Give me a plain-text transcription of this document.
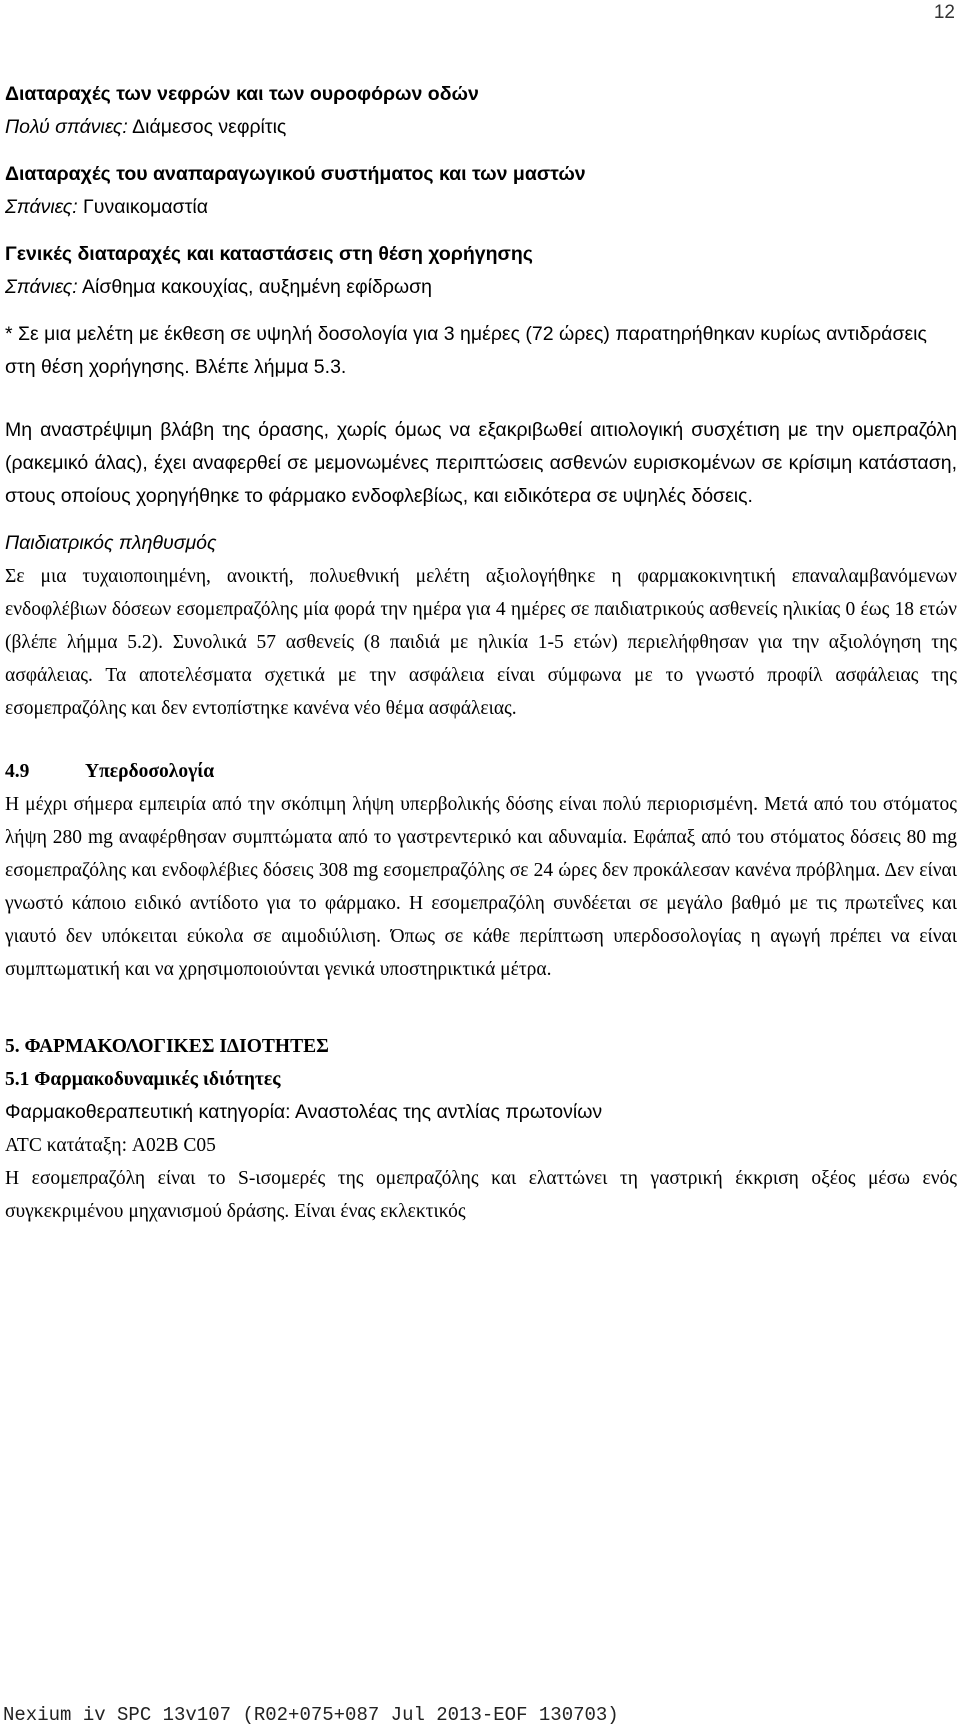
12

Διαταραχές των νεφρών και των ουροφόρων οδών

Πολύ σπάνιες: Διάμεσος νεφρίτις

Διαταραχές του αναπαραγωγικού συστήματος και των μαστών

Σπάνιες: Γυναικομαστία

Γενικές διαταραχές και καταστάσεις στη θέση χορήγησης

Σπάνιες: Αίσθημα κακουχίας, αυξημένη εφίδρωση

* Σε μια μελέτη με έκθεση σε υψηλή δοσολογία για 3 ημέρες (72 ώρες) παρατηρήθηκαν κυρίως αντιδράσεις στη θέση χορήγησης. Βλέπε λήμμα 5.3.

Μη αναστρέψιμη βλάβη της όρασης, χωρίς όμως να εξακριβωθεί αιτιολογική συσχέτιση με την ομεπραζόλη (ρακεμικό άλας), έχει αναφερθεί σε μεμονωμένες περιπτώσεις ασθενών ευρισκομένων σε κρίσιμη κατάσταση, στους οποίους χορηγήθηκε το φάρμακο ενδοφλεβίως, και ειδικότερα σε υψηλές δόσεις.

Παιδιατρικός πληθυσμός

Σε μια τυχαιοποιημένη, ανοικτή, πολυεθνική μελέτη αξιολογήθηκε η φαρμακοκινητική επαναλαμβανόμενων ενδοφλέβιων δόσεων εσομεπραζόλης μία φορά την ημέρα για 4 ημέρες σε παιδιατρικούς ασθενείς ηλικίας 0 έως 18 ετών (βλέπε λήμμα 5.2). Συνολικά 57 ασθενείς (8 παιδιά με ηλικία 1-5 ετών) περιελήφθησαν για την αξιολόγηση της ασφάλειας. Τα αποτελέσματα σχετικά με την ασφάλεια είναι σύμφωνα με το γνωστό προφίλ ασφάλειας της εσομεπραζόλης και δεν εντοπίστηκε κανένα νέο θέμα ασφάλειας.

4.9	Υπερδοσολογία

Η μέχρι σήμερα εμπειρία από την σκόπιμη λήψη υπερβολικής δόσης είναι πολύ περιορισμένη. Μετά από του στόματος λήψη 280 mg αναφέρθησαν συμπτώματα από το γαστρεντερικό και αδυναμία. Εφάπαξ από του στόματος δόσεις 80 mg εσομεπραζόλης και ενδοφλέβιες δόσεις 308 mg εσομεπραζόλης σε 24 ώρες δεν προκάλεσαν κανένα πρόβλημα. Δεν είναι γνωστό κάποιο ειδικό αντίδοτο για το φάρμακο. Η εσομεπραζόλη συνδέεται σε μεγάλο βαθμό με τις πρωτεΐνες και γιαυτό δεν υπόκειται εύκολα σε αιμοδιύλιση. Όπως σε κάθε περίπτωση υπερδοσολογίας η αγωγή πρέπει να είναι συμπτωματική και να χρησιμοποιούνται γενικά υποστηρικτικά μέτρα.

5. ΦΑΡΜΑΚΟΛΟΓΙΚΕΣ ΙΔΙΟΤΗΤΕΣ

5.1 Φαρμακοδυναμικές ιδιότητες

Φαρμακοθεραπευτική κατηγορία: Αναστολέας της αντλίας πρωτονίων

ATC κατάταξη: A02B C05

Η εσομεπραζόλη είναι το S-ισομερές της ομεπραζόλης και ελαττώνει τη γαστρική έκκριση οξέος μέσω ενός συγκεκριμένου μηχανισμού δράσης. Είναι ένας εκλεκτικός

Nexium iv SPC 13v107 (R02+075+087 Jul 2013-EOF 130703)
